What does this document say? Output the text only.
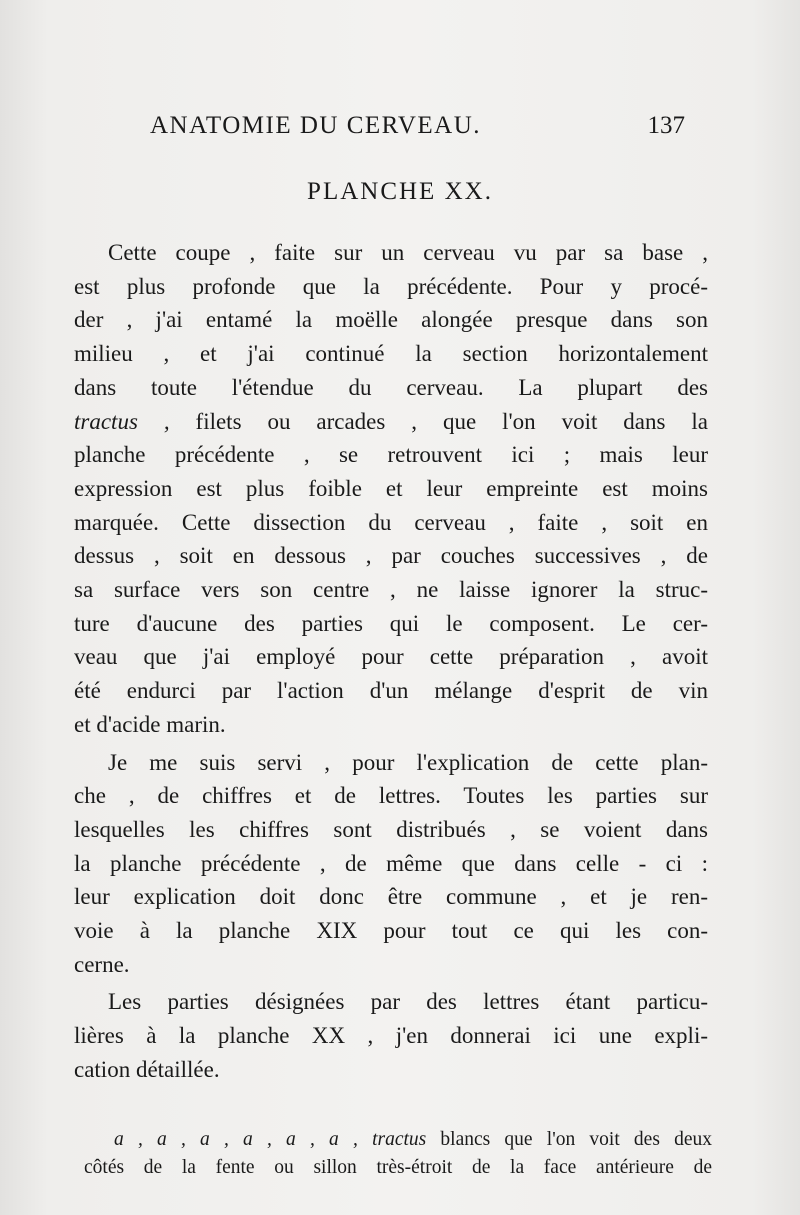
ANATOMIE DU CERVEAU.	137
PLANCHE XX.

Cette coupe , faite sur un cerveau vu par sa base ,
est plus profonde que la précédente. Pour y procé-
der , j'ai entamé la moëlle alongée presque dans son
milieu , et j'ai continué la section horizontalement
dans toute l'étendue du cerveau. La plupart des
tractus , filets ou arcades , que l'on voit dans la
planche précédente , se retrouvent ici ; mais leur
expression est plus foible et leur empreinte est moins
marquée. Cette dissection du cerveau , faite , soit en
dessus , soit en dessous , par couches successives , de
sa surface vers son centre , ne laisse ignorer la struc-
ture d'aucune des parties qui le composent. Le cer-
veau que j'ai employé pour cette préparation , avoit
été endurci par l'action d'un mélange d'esprit de vin
et d'acide marin.

Je me suis servi , pour l'explication de cette plan-
che , de chiffres et de lettres. Toutes les parties sur
lesquelles les chiffres sont distribués , se voient dans
la planche précédente , de même que dans celle - ci :
leur explication doit donc être commune , et je ren-
voie à la planche XIX pour tout ce qui les con-
cerne.

Les parties désignées par des lettres étant particu-
lières à la planche XX , j'en donnerai ici une expli-
cation détaillée.

a , a , a , a , a , a , tractus blancs que l'on voit des deux
côtés de la fente ou sillon très-étroit de la face antérieure de
